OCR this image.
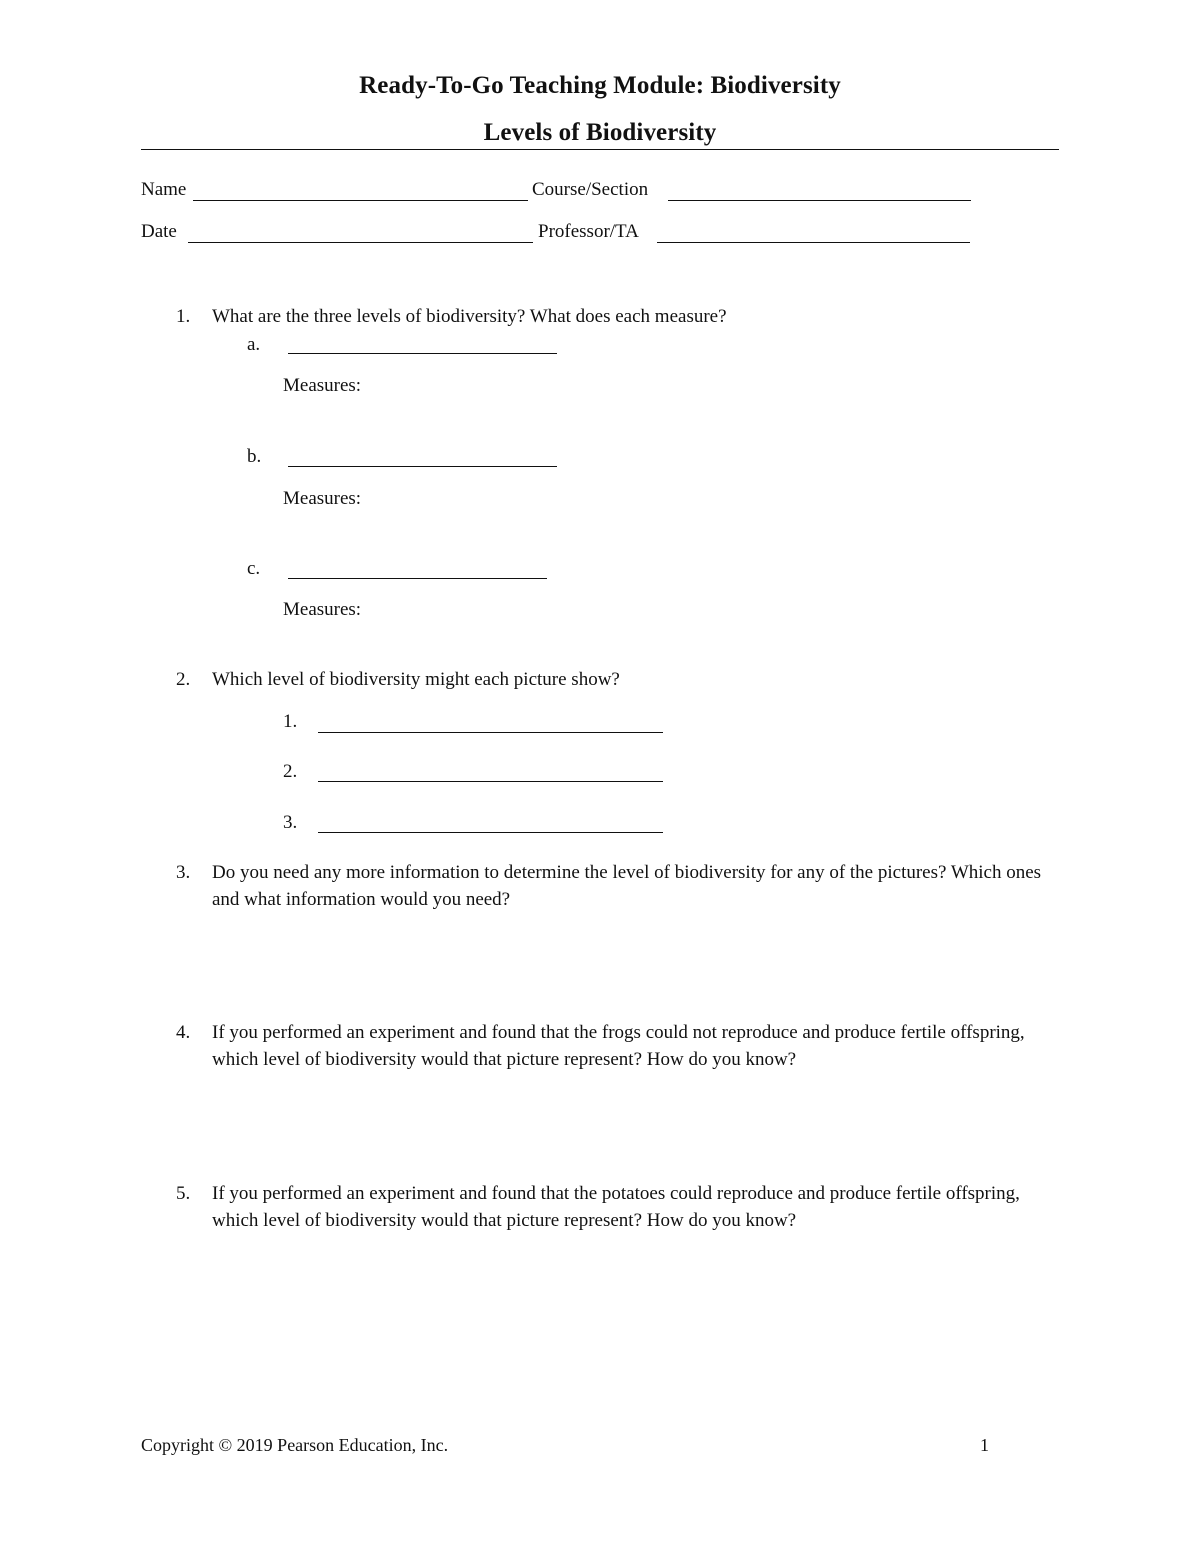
Ready-To-Go Teaching Module: Biodiversity
Levels of Biodiversity
Name	Course/Section
Date	Professor/TA
1. What are the three levels of biodiversity? What does each measure?
a.
Measures:
b.
Measures:
c.
Measures:
2. Which level of biodiversity might each picture show?
1.
2.
3.
3. Do you need any more information to determine the level of biodiversity for any of the pictures? Which ones and what information would you need?
4. If you performed an experiment and found that the frogs could not reproduce and produce fertile offspring, which level of biodiversity would that picture represent? How do you know?
5. If you performed an experiment and found that the potatoes could reproduce and produce fertile offspring, which level of biodiversity would that picture represent? How do you know?
Copyright © 2019 Pearson Education, Inc.	1
